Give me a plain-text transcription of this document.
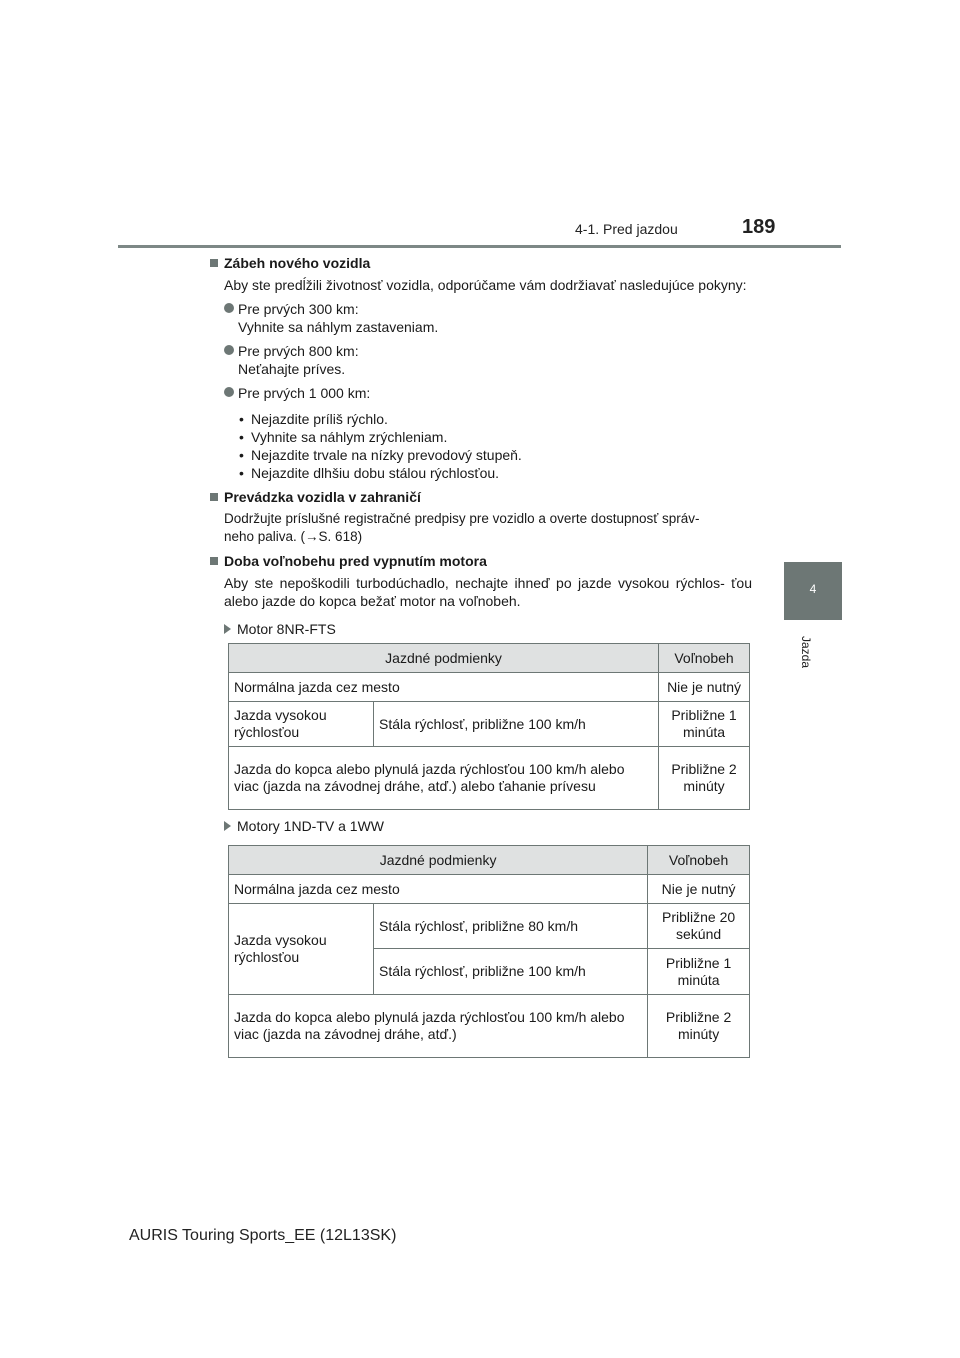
4-1. Pred jazdou	189
4
Jazda

Zábeh nového vozidla

Aby ste predĺžili životnosť vozidla, odporúčame vám dodržiavať nasledujúce pokyny:

Pre prvých 300 km:
Vyhnite sa náhlym zastaveniam.
Pre prvých 800 km:
Neťahajte príves.
Pre prvých 1 000 km:
• Nejazdite príliš rýchlo.
• Vyhnite sa náhlym zrýchleniam.
• Nejazdite trvale na nízky prevodový stupeň.
• Nejazdite dlhšiu dobu stálou rýchlosťou.

Prevádzka vozidla v zahraničí

Dodržujte príslušné registračné predpisy pre vozidlo a overte dostupnosť správ-
neho paliva. (→S. 618)

Doba voľnobehu pred vypnutím motora

Aby ste nepoškodili turbodúchadlo, nechajte ihneď po jazde vysokou rýchlos- ťou alebo jazde do kopca bežať motor na voľnobeh.

Motor 8NR-FTS
Jazdné podmienky		Voľnobeh
Normálna jazda cez mesto		Nie je nutný
Jazda vysokou rýchlosťou	Stála rýchlosť, približne 100 km/h	Približne 1 minúta
Jazda do kopca alebo plynulá jazda rýchlosťou 100 km/h alebo viac (jazda na závodnej dráhe, atď.) alebo ťahanie prívesu		Približne 2 minúty
Motory 1ND-TV a 1WW
Jazdné podmienky		Voľnobeh
Normálna jazda cez mesto		Nie je nutný
Jazda vysokou rýchlosťou	Stála rýchlosť, približne 80 km/h	Približne 20 sekúnd
	Stála rýchlosť, približne 100 km/h	Približne 1 minúta
Jazda do kopca alebo plynulá jazda rýchlosťou 100 km/h alebo viac (jazda na závodnej dráhe, atď.)		Približne 2 minúty
AURIS Touring Sports_EE (12L13SK)
